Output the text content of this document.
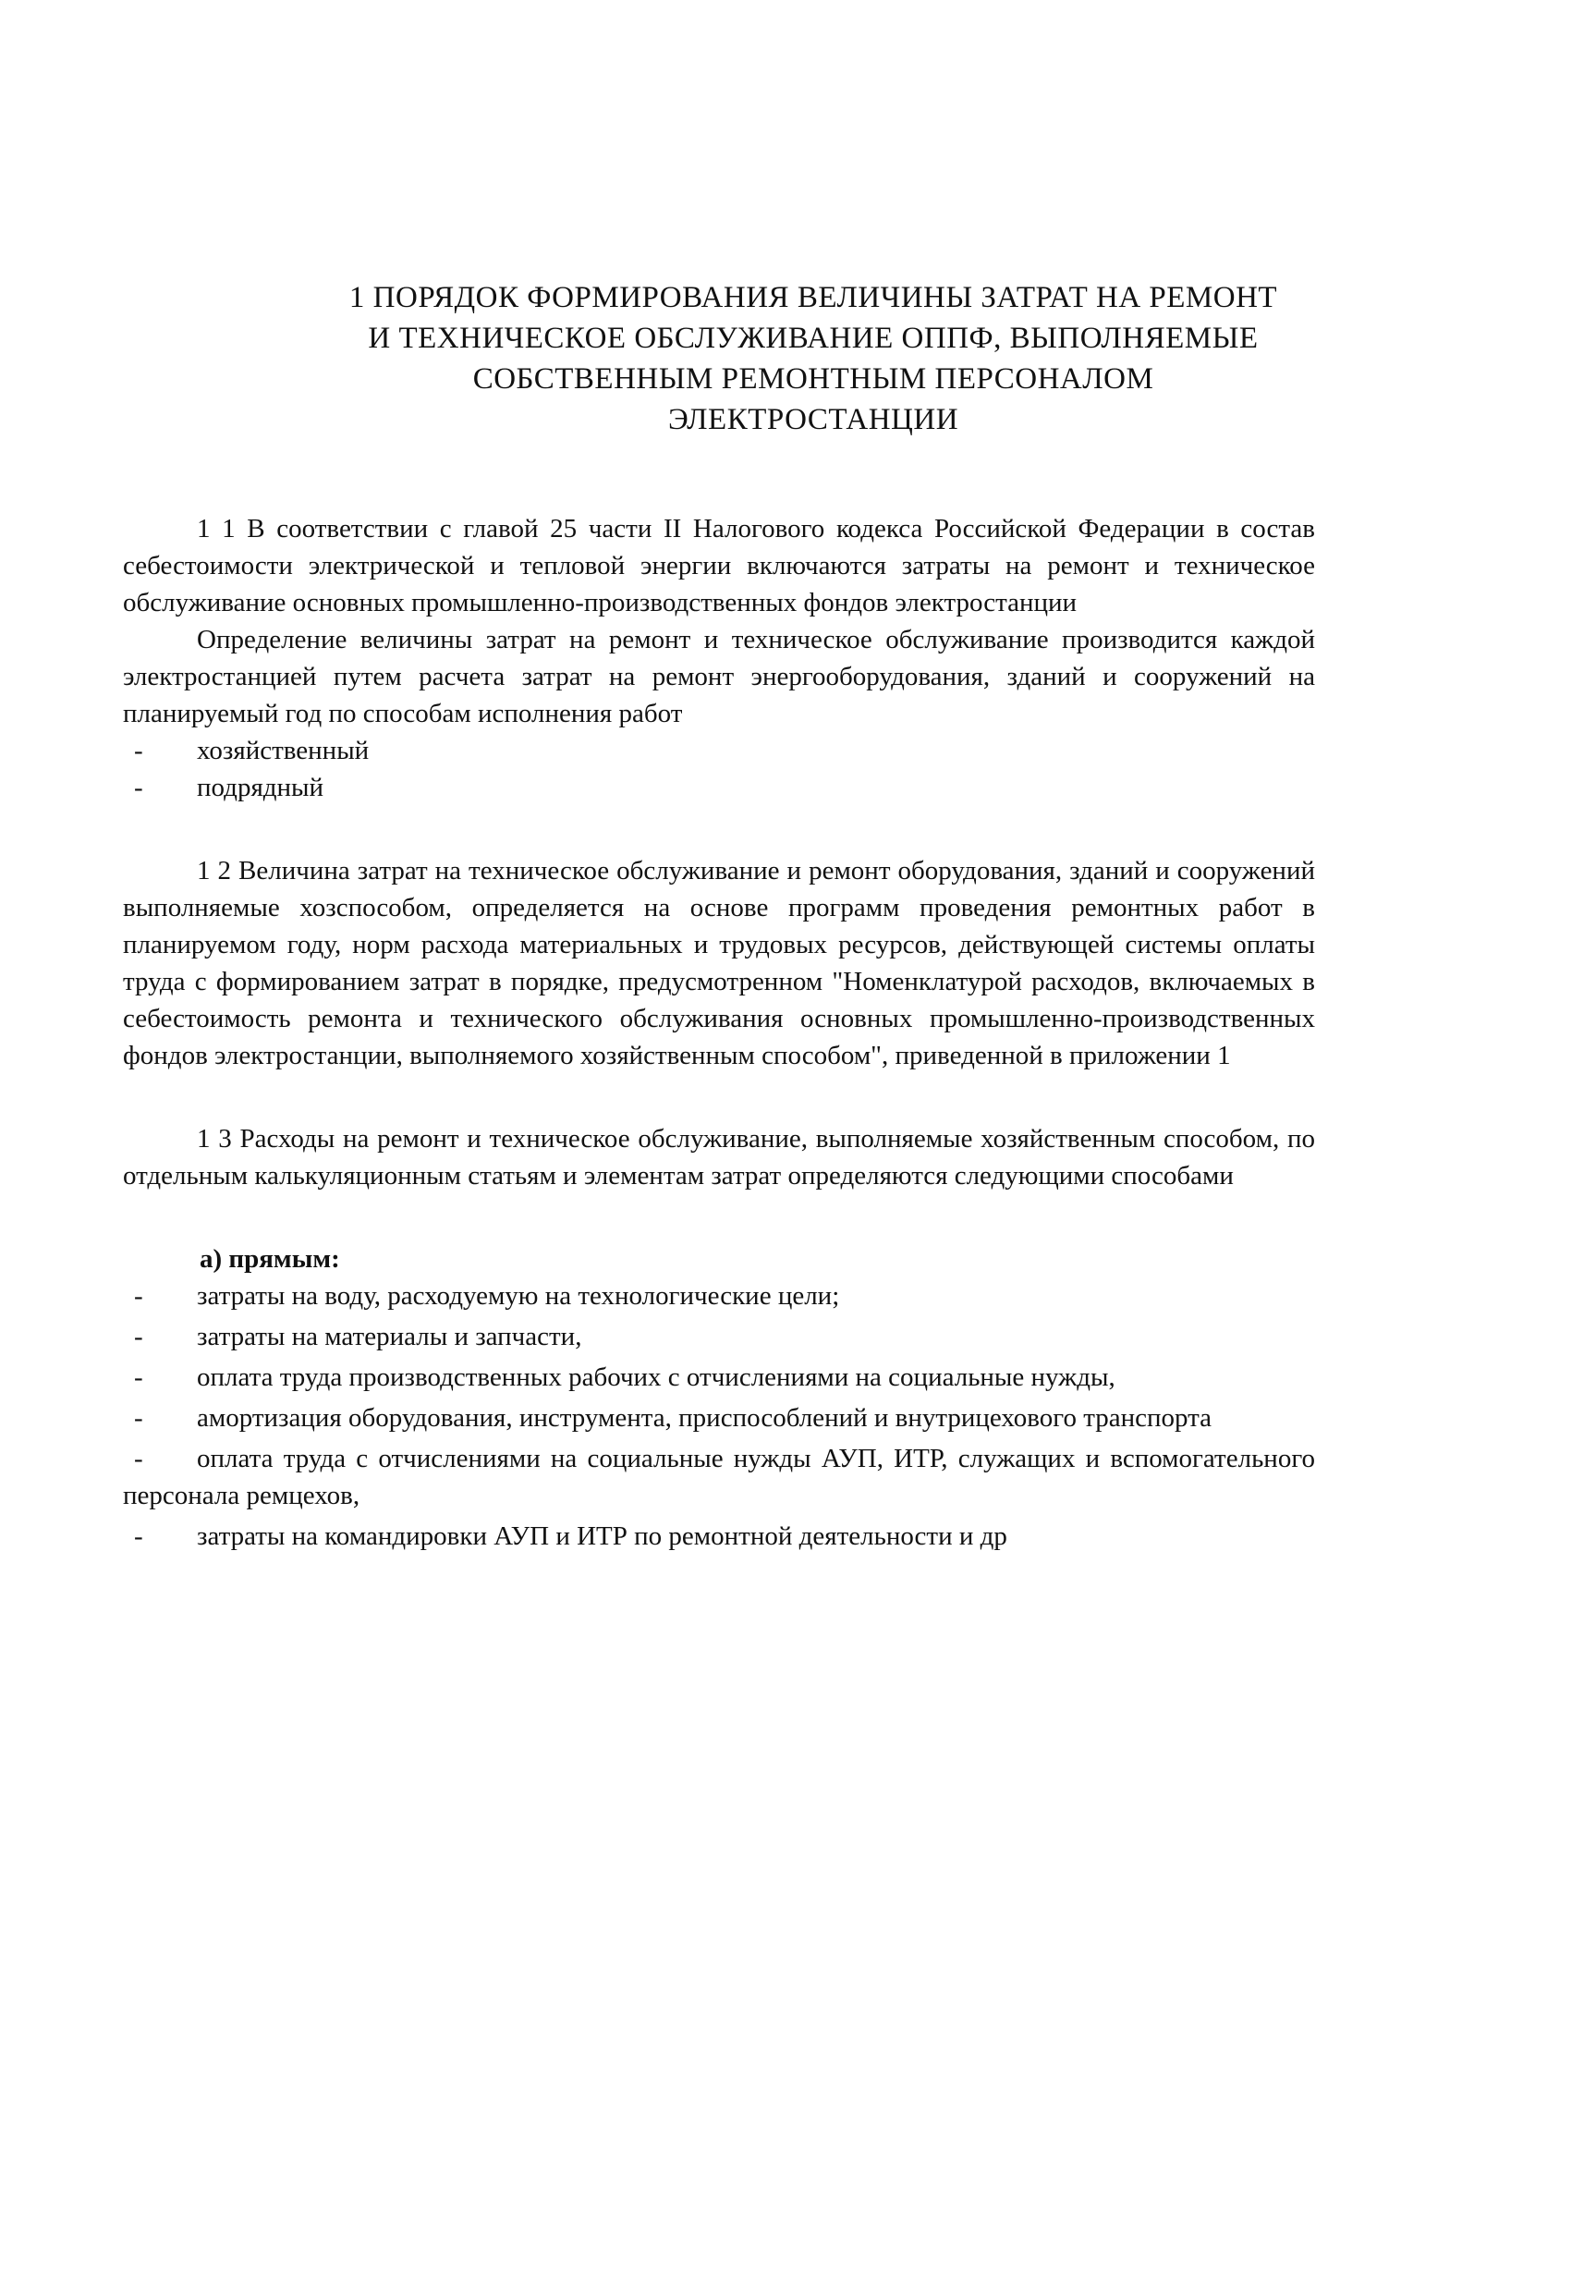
1 ПОРЯДОК ФОРМИРОВАНИЯ ВЕЛИЧИНЫ ЗАТРАТ НА РЕМОНТ
И ТЕХНИЧЕСКОЕ ОБСЛУЖИВАНИЕ ОППФ, ВЫПОЛНЯЕМЫЕ
СОБСТВЕННЫМ РЕМОНТНЫМ ПЕРСОНАЛОМ
ЭЛЕКТРОСТАНЦИИ

1 1 В соответствии с главой 25 части II Налогового кодекса Российской Федерации в состав себестоимости электрической и тепловой энергии включаются затраты на ремонт и техническое обслуживание основных промышленно-производственных фондов электростанции

Определение величины затрат на ремонт и техническое обслуживание производится каждой электростанцией путем расчета затрат на ремонт энергооборудования, зданий и сооружений на планируемый год по способам исполнения работ

- хозяйственный
- подрядный

1 2 Величина затрат на техническое обслуживание и ремонт оборудования, зданий и сооружений выполняемые хозспособом, определяется на основе программ проведения ремонтных работ в планируемом году, норм расхода материальных и трудовых ресурсов, действующей системы оплаты труда с формированием затрат в порядке, предусмотренном "Номенклатурой расходов, включаемых в себестоимость ремонта и технического обслуживания основных промышленно-производственных фондов электростанции, выполняемого хозяйственным способом", приведенной в приложении 1

1 3 Расходы на ремонт и техническое обслуживание, выполняемые хозяйственным способом, по отдельным калькуляционным статьям и элементам затрат определяются следующими способами

а) прямым:

- затраты на воду, расходуемую на технологические цели;
- затраты на материалы и запчасти,
- оплата труда производственных рабочих с отчислениями на социальные нужды,
- амортизация оборудования, инструмента, приспособлений и внутрицехового транспорта
- оплата труда с отчислениями на социальные нужды АУП, ИТР, служащих и вспомогательного персонала ремцехов,
- затраты на командировки АУП и ИТР по ремонтной деятельности и др
